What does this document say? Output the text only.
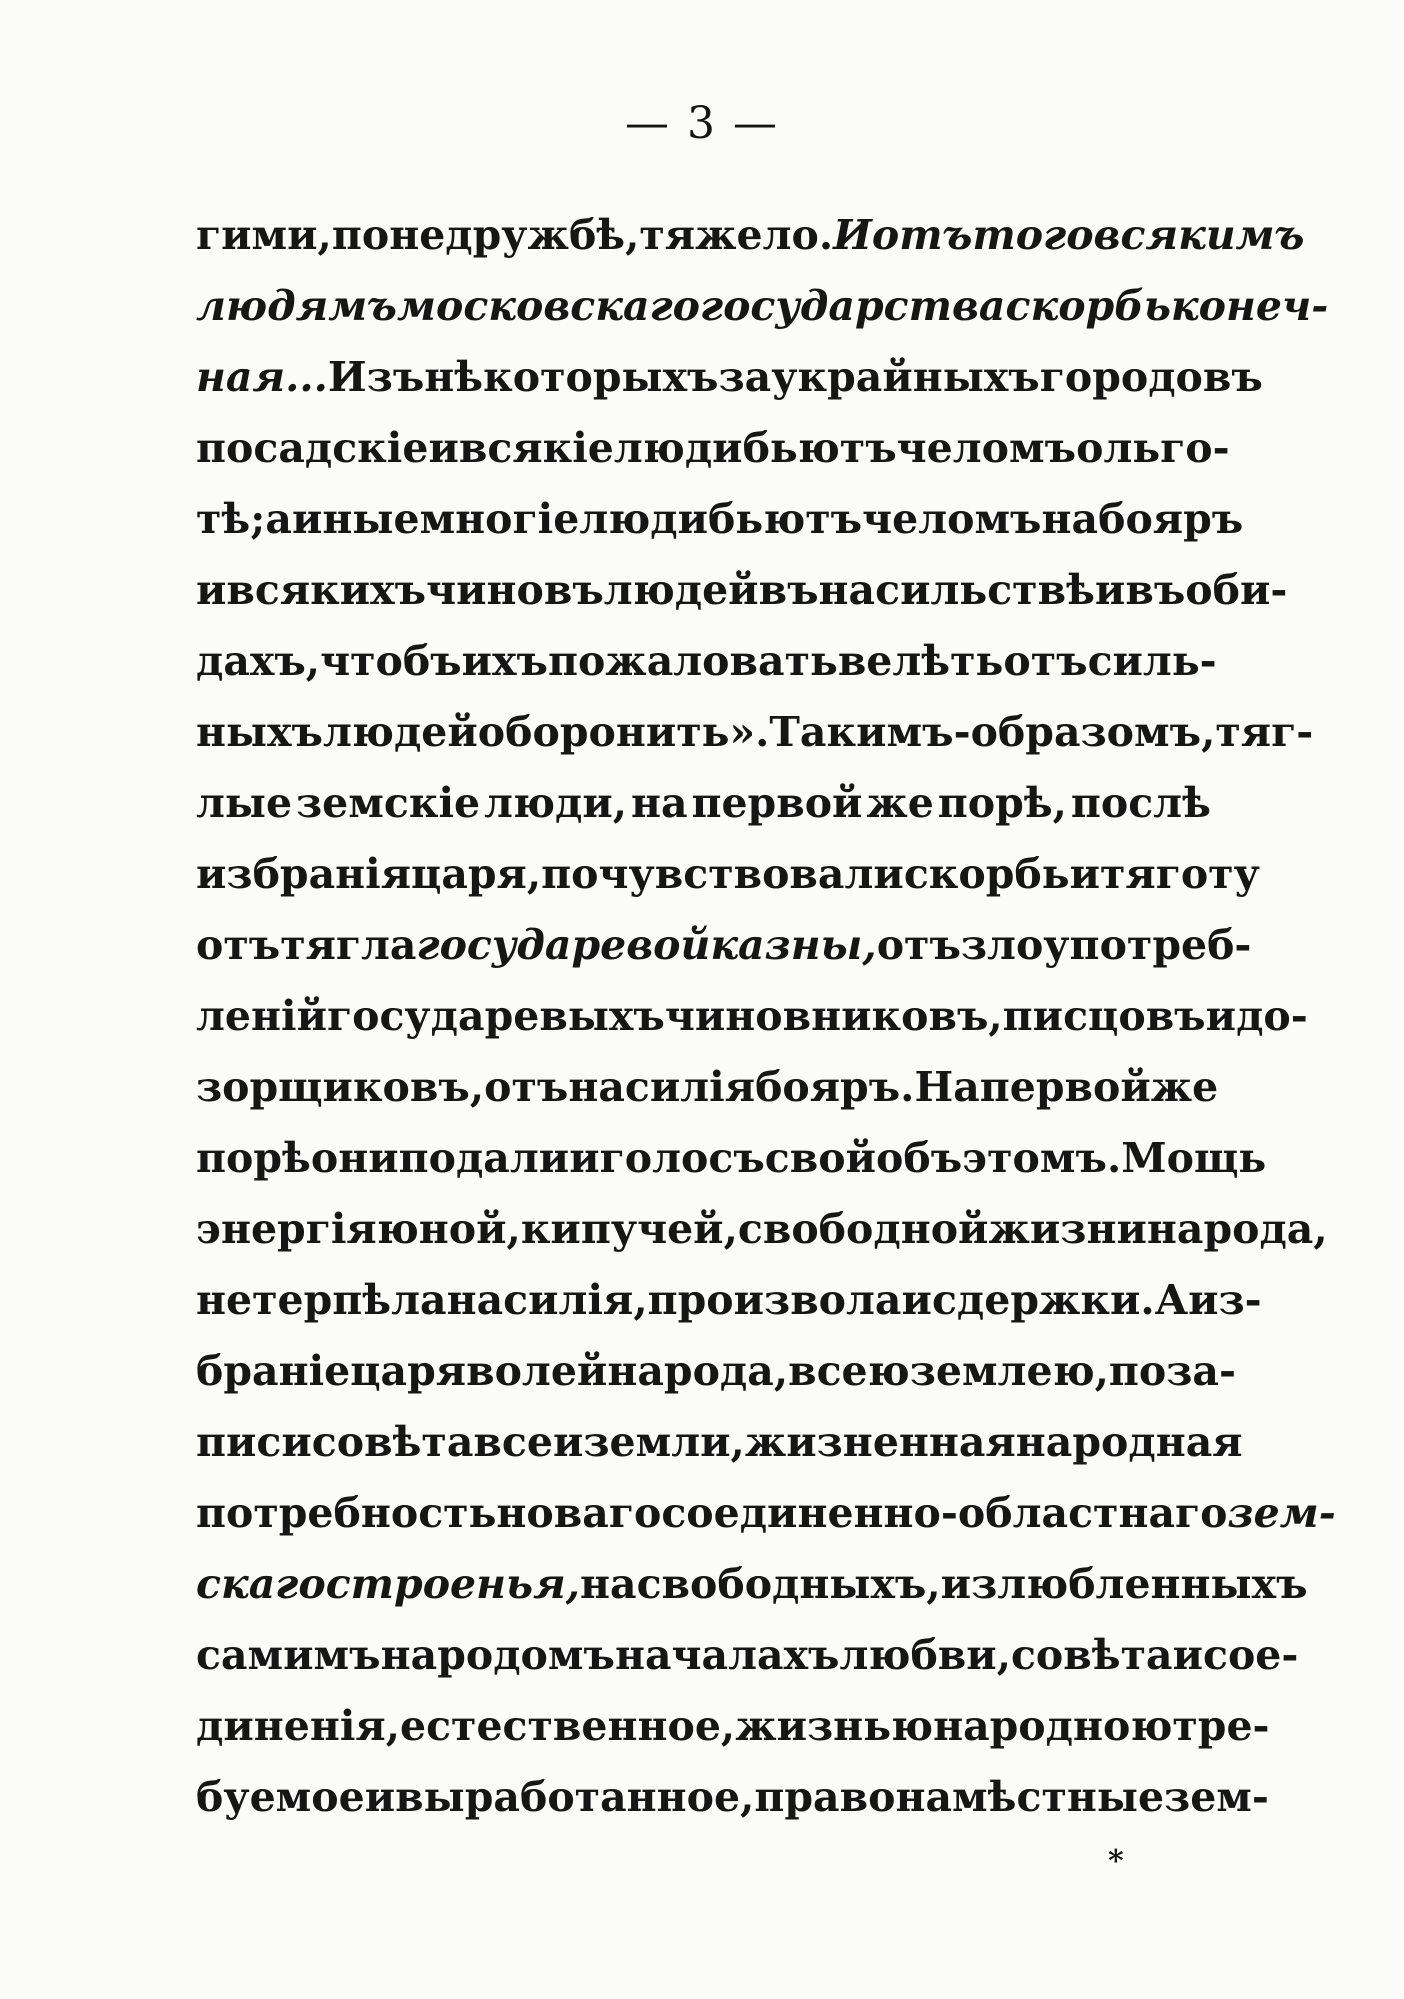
— 3 —
гими, по недружбѣ, тяжело. И отъ того всякимъ
людямъ московскаго государства скорбь конеч-
ная... Изъ нѣкоторыхъ заукрайныхъ городовъ
посадскіе и всякіе люди бьютъ челомъ о льго-
тѣ; а иные многіе люди бьютъ челомъ на бояръ
и всякихъ чиновъ людей въ насильствѣ и въ оби-
дахъ, чтобъ ихъ пожаловать велѣть отъ силь-
ныхъ людей оборонить». Такимъ-образомъ, тяг-
лые земскіе люди, на первой же порѣ, послѣ
избранія царя, почувствовали скорбь и тяготу
отъ тягла государевой казны, отъ злоупотреб-
леній государевыхъ чиновниковъ, писцовъ и до-
зорщиковъ, отъ насилія бояръ. На первой же
порѣ они подали и голосъ свой объ этомъ. Мощь
энергія юной, кипучей, свободной жизни народа,
не терпѣла насилія, произвола и сдержки. А из-
бранiе царя волей народа, всею землею, по за-
писи совѣта всеи земли, жизненная народная
потребность новаго соединенно-областнаго зем-
скаго строенья, на свободныхъ, излюбленныхъ
самимъ народомъ началахъ любви, совѣта и сое-
диненія, естественное, жизнью народною тре-
буемое и выработанное, право на мѣстные зем-
*
